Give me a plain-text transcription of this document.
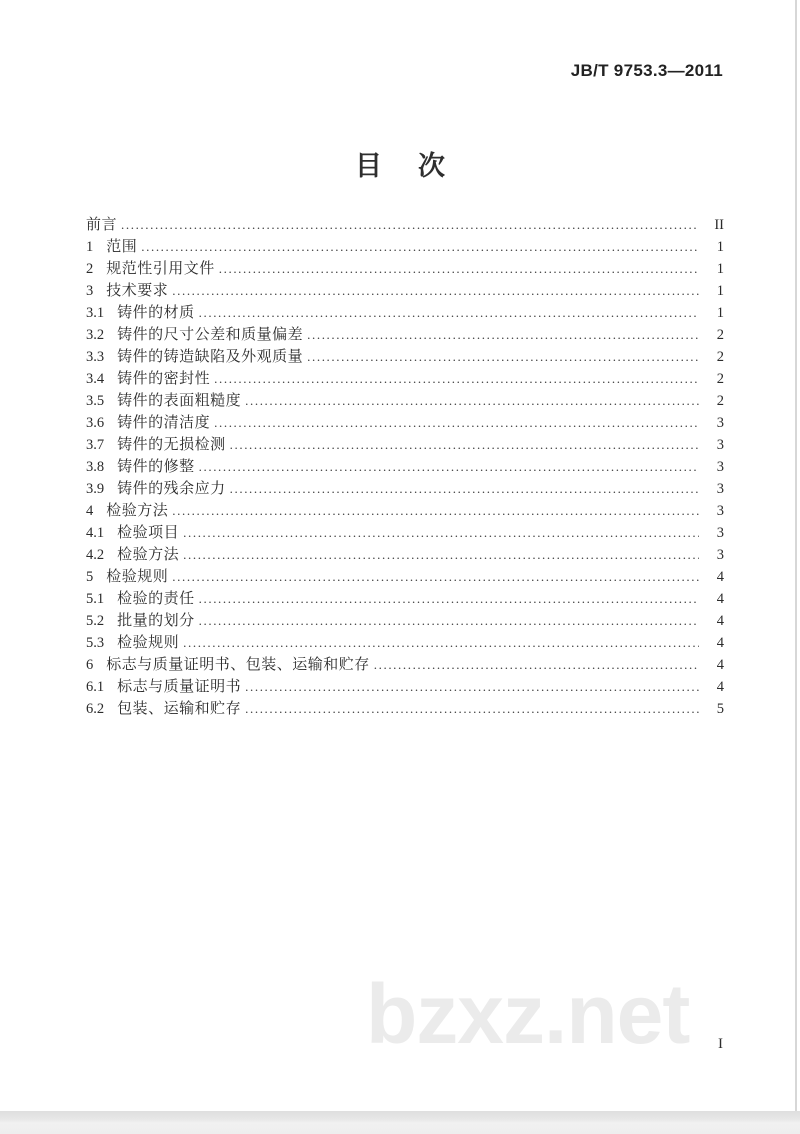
JB/T 9753.3—2011
目 次
前言 .....	II
1 范围 .....	1
2 规范性引用文件 .....	1
3 技术要求 .....	1
3.1 铸件的材质 .....	1
3.2 铸件的尺寸公差和质量偏差 .....	2
3.3 铸件的铸造缺陷及外观质量 .....	2
3.4 铸件的密封性 .....	2
3.5 铸件的表面粗糙度 .....	2
3.6 铸件的清洁度 .....	3
3.7 铸件的无损检测 .....	3
3.8 铸件的修整 .....	3
3.9 铸件的残余应力 .....	3
4 检验方法 .....	3
4.1 检验项目 .....	3
4.2 检验方法 .....	3
5 检验规则 .....	4
5.1 检验的责任 .....	4
5.2 批量的划分 .....	4
5.3 检验规则 .....	4
6 标志与质量证明书、包装、运输和贮存 .....	4
6.1 标志与质量证明书 .....	4
6.2 包装、运输和贮存 .....	5
bzxz.net I
